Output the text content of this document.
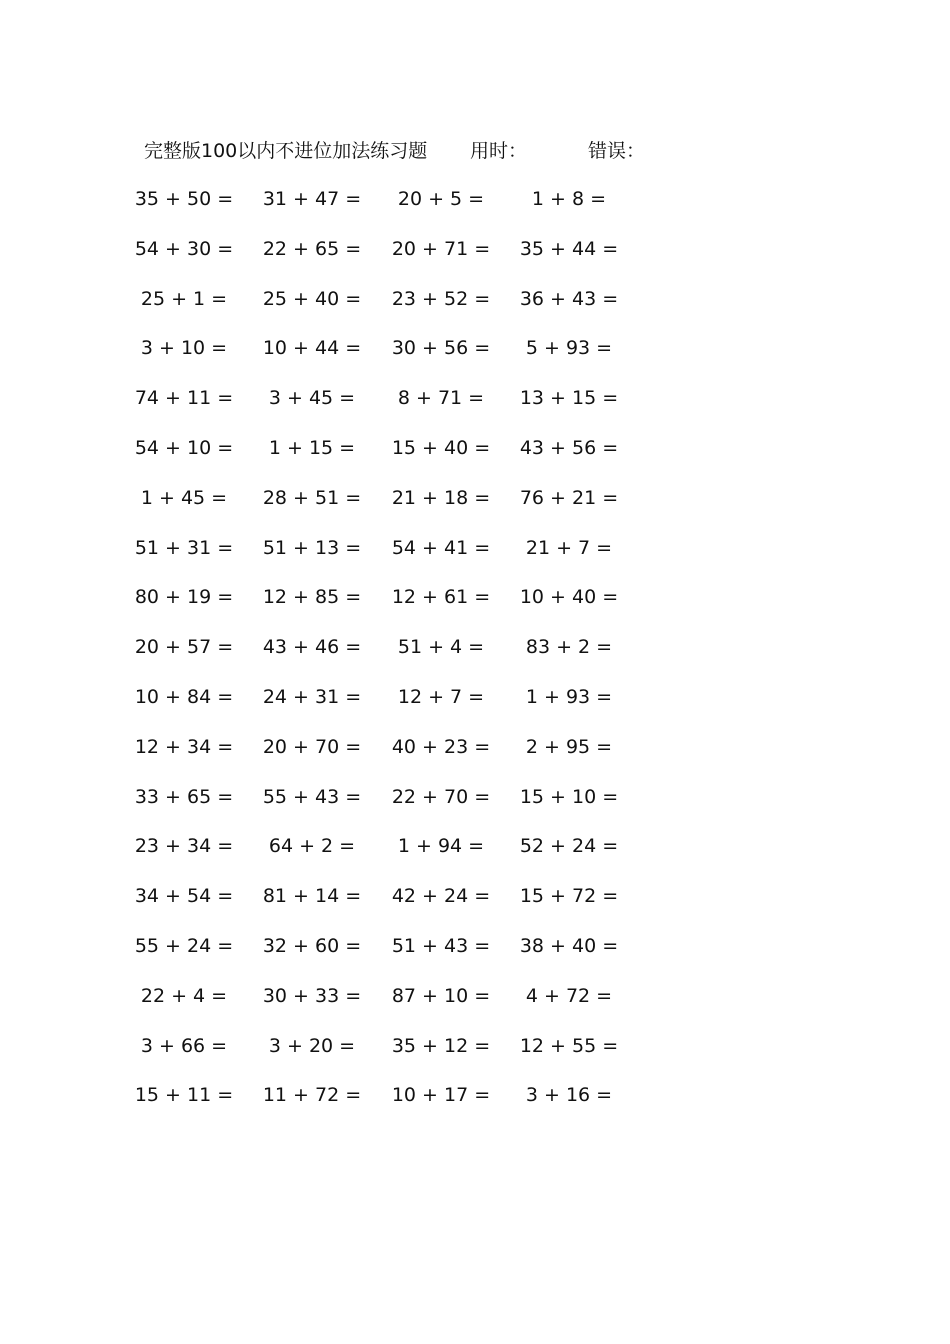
完整版100以内不进位加法练习题 用时：	错误：
35 + 50 =	31 + 47 =	20 + 5 =	1 + 8 =
54 + 30 =	22 + 65 =	20 + 71 =	35 + 44 =
25 + 1 =	25 + 40 =	23 + 52 =	36 + 43 =
3 + 10 =	10 + 44 =	30 + 56 =	5 + 93 =
74 + 11 =	3 + 45 =	8 + 71 =	13 + 15 =
54 + 10 =	1 + 15 =	15 + 40 =	43 + 56 =
1 + 45 =	28 + 51 =	21 + 18 =	76 + 21 =
51 + 31 =	51 + 13 =	54 + 41 =	21 + 7 =
80 + 19 =	12 + 85 =	12 + 61 =	10 + 40 =
20 + 57 =	43 + 46 =	51 + 4 =	83 + 2 =
10 + 84 =	24 + 31 =	12 + 7 =	1 + 93 =
12 + 34 =	20 + 70 =	40 + 23 =	2 + 95 =
33 + 65 =	55 + 43 =	22 + 70 =	15 + 10 =
23 + 34 =	64 + 2 =	1 + 94 =	52 + 24 =
34 + 54 =	81 + 14 =	42 + 24 =	15 + 72 =
55 + 24 =	32 + 60 =	51 + 43 =	38 + 40 =
22 + 4 =	30 + 33 =	87 + 10 =	4 + 72 =
3 + 66 =	3 + 20 =	35 + 12 =	12 + 55 =
15 + 11 =	11 + 72 =	10 + 17 =	3 + 16 =
